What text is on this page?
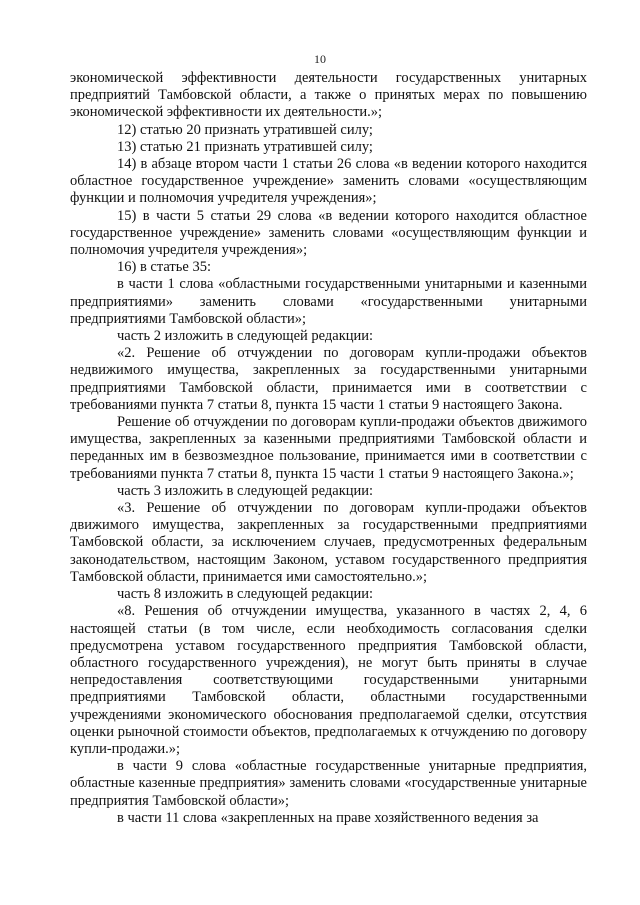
10

экономической эффективности деятельности государственных унитарных предприятий Тамбовской области, а также о принятых мерах по повышению экономической эффективности их деятельности.»;

12) статью 20 признать утратившей силу;

13) статью 21 признать утратившей силу;

14) в абзаце втором части 1 статьи 26 слова «в ведении которого находится областное государственное учреждение» заменить словами «осуществляющим функции и полномочия учредителя учреждения»;

15) в части 5 статьи 29 слова «в ведении которого находится областное государственное учреждение» заменить словами «осуществляющим функции и полномочия учредителя учреждения»;

16) в статье 35:

в части 1 слова «областными государственными унитарными и казенными предприятиями» заменить словами «государственными унитарными предприятиями Тамбовской области»;

часть 2 изложить в следующей редакции:

«2. Решение об отчуждении по договорам купли-продажи объектов недвижимого имущества, закрепленных за государственными унитарными предприятиями Тамбовской области, принимается ими в соответствии с требованиями пункта 7 статьи 8, пункта 15 части 1 статьи 9 настоящего Закона.

Решение об отчуждении по договорам купли-продажи объектов движимого имущества, закрепленных за казенными предприятиями Тамбовской области и переданных им в безвозмездное пользование, принимается ими в соответствии с требованиями пункта 7 статьи 8, пункта 15 части 1 статьи 9 настоящего Закона.»;

часть 3 изложить в следующей редакции:

«3. Решение об отчуждении по договорам купли-продажи объектов движимого имущества, закрепленных за государственными предприятиями Тамбовской области, за исключением случаев, предусмотренных федеральным законодательством, настоящим Законом, уставом государственного предприятия Тамбовской области, принимается ими самостоятельно.»;

часть 8 изложить в следующей редакции:

«8. Решения об отчуждении имущества, указанного в частях 2, 4, 6 настоящей статьи (в том числе, если необходимость согласования сделки предусмотрена уставом государственного предприятия Тамбовской области, областного государственного учреждения), не могут быть приняты в случае непредоставления соответствующими государственными унитарными предприятиями Тамбовской области, областными государственными учреждениями экономического обоснования предполагаемой сделки, отсутствия оценки рыночной стоимости объектов, предполагаемых к отчуждению по договору купли-продажи.»;

в части 9 слова «областные государственные унитарные предприятия, областные казенные предприятия» заменить словами «государственные унитарные предприятия Тамбовской области»;

в части 11 слова «закрепленных на праве хозяйственного ведения за
